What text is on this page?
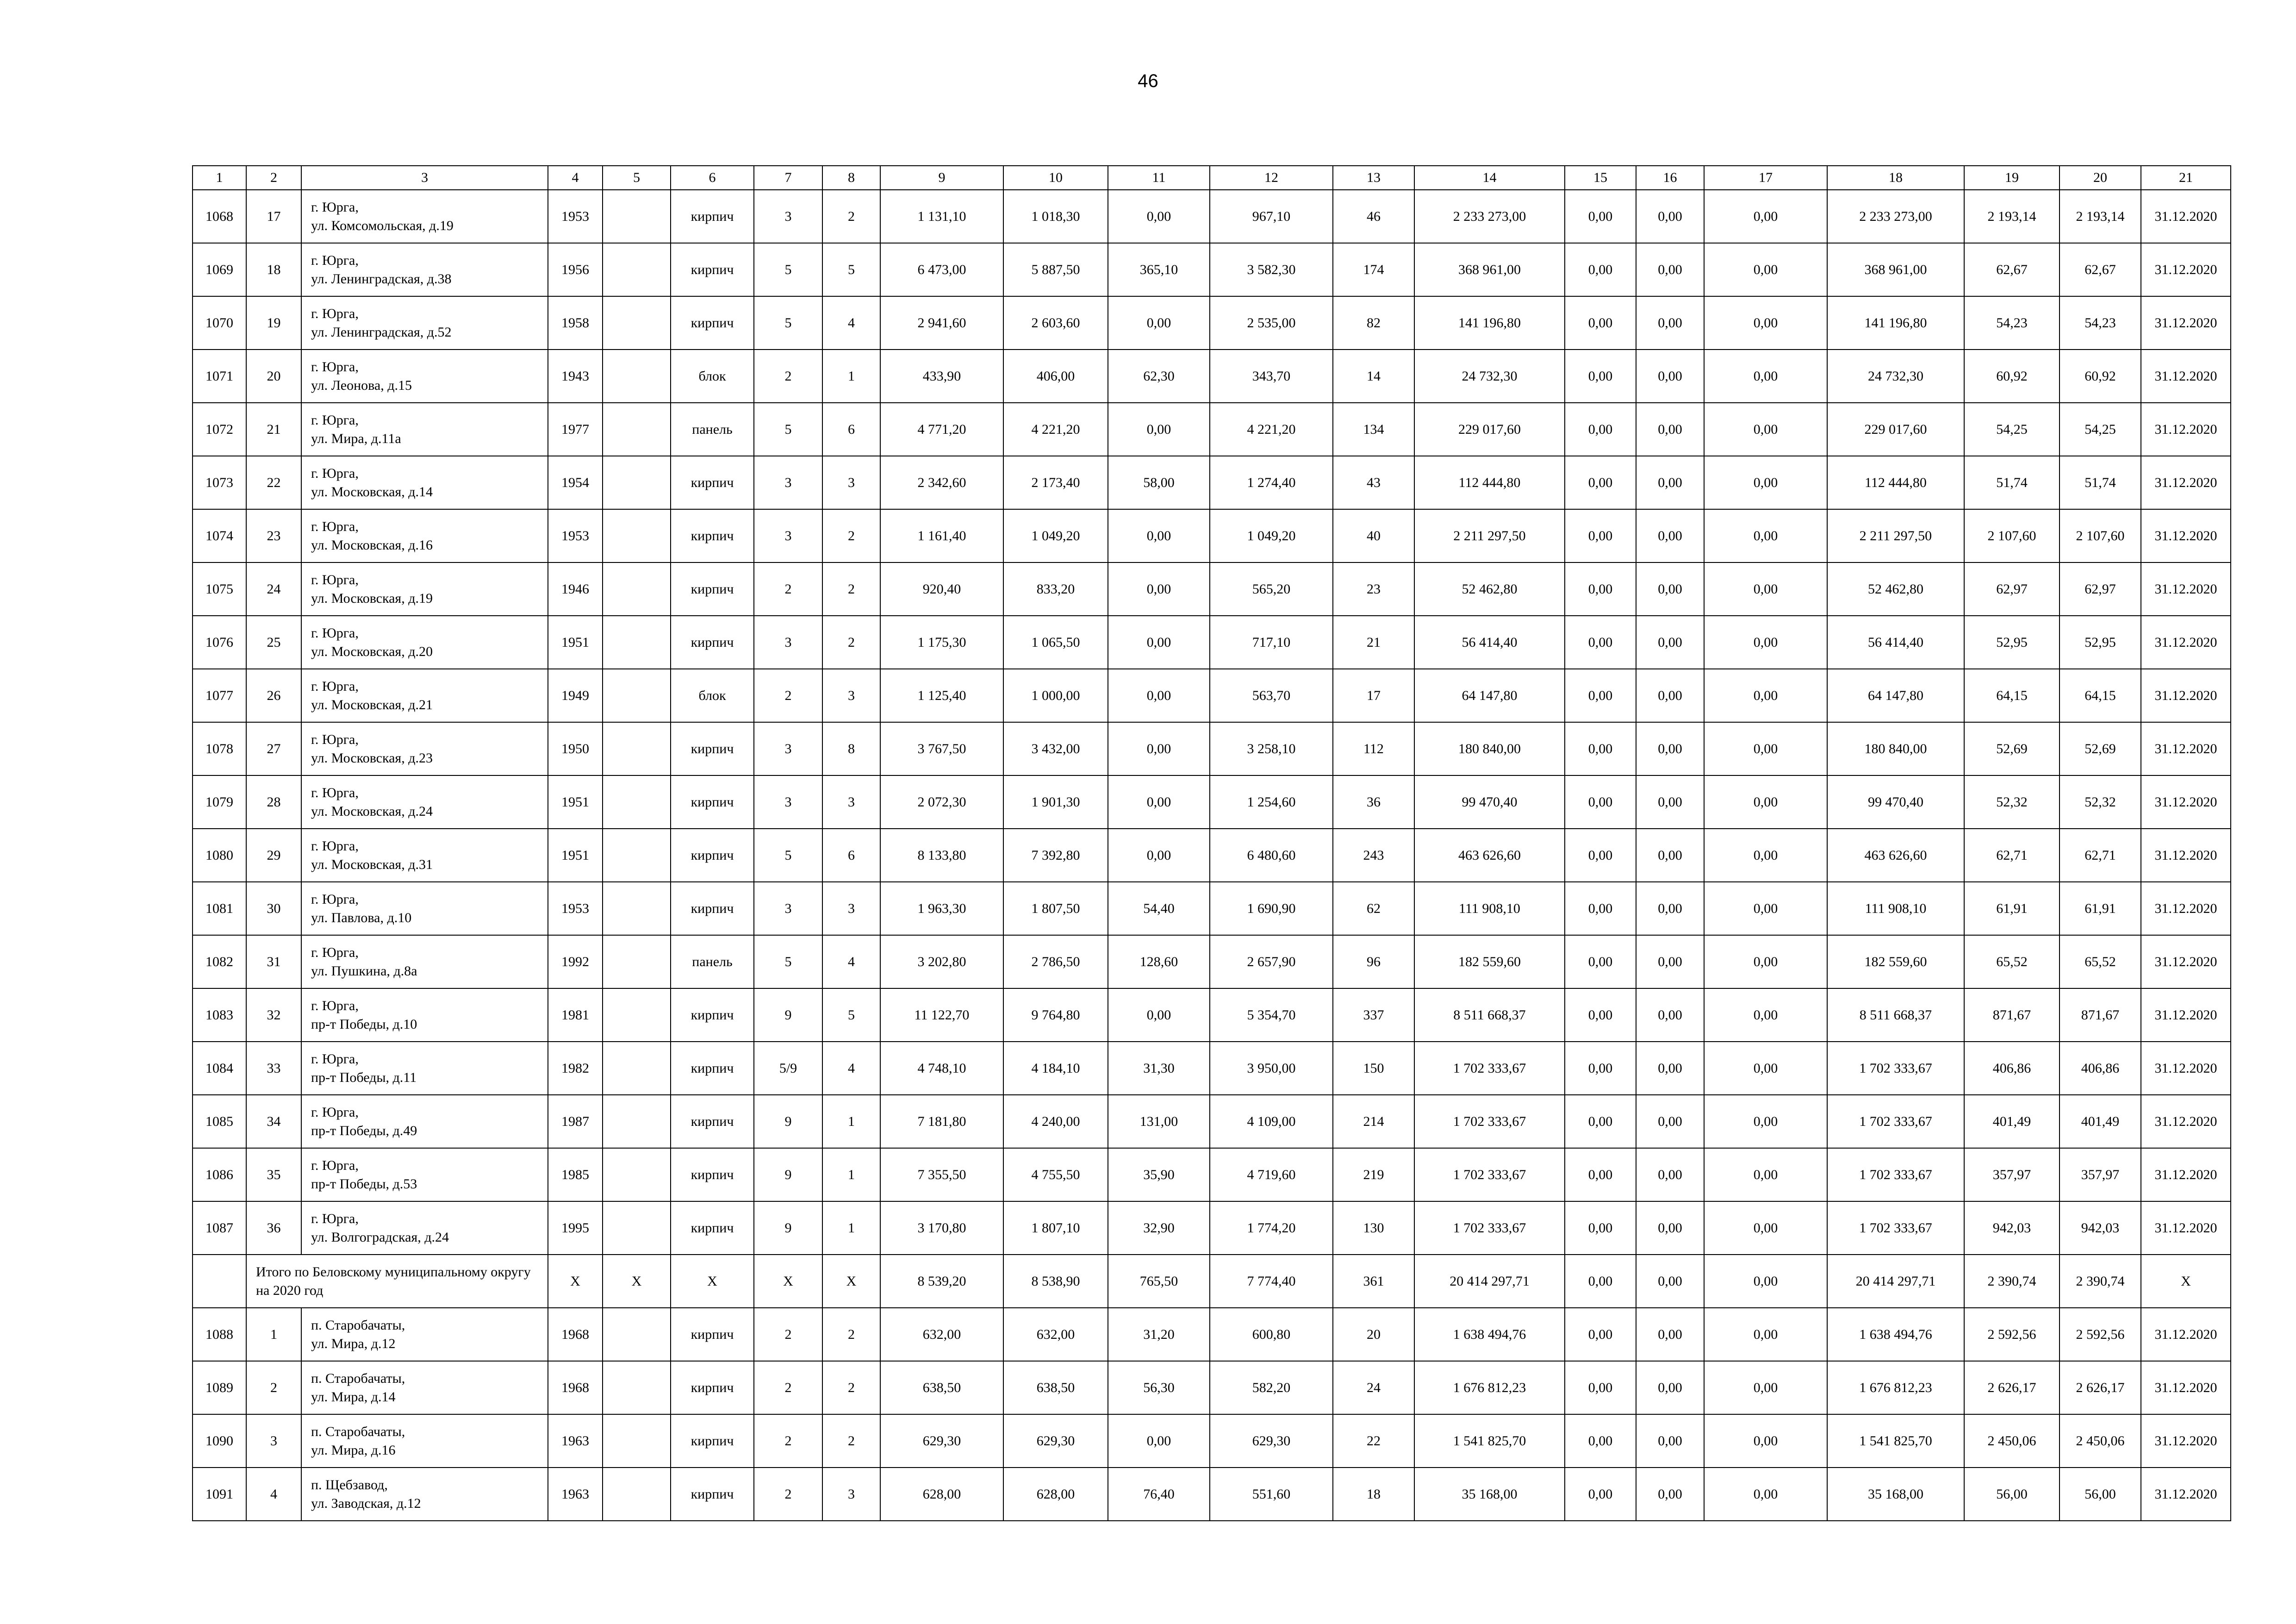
46
1	2	3	4	5	6	7	8	9	10	11	12	13	14	15	16	17	18	19	20	21
1068	17	г. Юрга,
ул. Комсомольская, д.19	1953		кирпич	3	2	1 131,10	1 018,30	0,00	967,10	46	2 233 273,00	0,00	0,00	0,00	2 233 273,00	2 193,14	2 193,14	31.12.2020
1069	18	г. Юрга,
ул. Ленинградская, д.38	1956		кирпич	5	5	6 473,00	5 887,50	365,10	3 582,30	174	368 961,00	0,00	0,00	0,00	368 961,00	62,67	62,67	31.12.2020
1070	19	г. Юрга,
ул. Ленинградская, д.52	1958		кирпич	5	4	2 941,60	2 603,60	0,00	2 535,00	82	141 196,80	0,00	0,00	0,00	141 196,80	54,23	54,23	31.12.2020
1071	20	г. Юрга,
ул. Леонова, д.15	1943		блок	2	1	433,90	406,00	62,30	343,70	14	24 732,30	0,00	0,00	0,00	24 732,30	60,92	60,92	31.12.2020
1072	21	г. Юрга,
ул. Мира, д.11а	1977		панель	5	6	4 771,20	4 221,20	0,00	4 221,20	134	229 017,60	0,00	0,00	0,00	229 017,60	54,25	54,25	31.12.2020
1073	22	г. Юрга,
ул. Московская, д.14	1954		кирпич	3	3	2 342,60	2 173,40	58,00	1 274,40	43	112 444,80	0,00	0,00	0,00	112 444,80	51,74	51,74	31.12.2020
1074	23	г. Юрга,
ул. Московская, д.16	1953		кирпич	3	2	1 161,40	1 049,20	0,00	1 049,20	40	2 211 297,50	0,00	0,00	0,00	2 211 297,50	2 107,60	2 107,60	31.12.2020
1075	24	г. Юрга,
ул. Московская, д.19	1946		кирпич	2	2	920,40	833,20	0,00	565,20	23	52 462,80	0,00	0,00	0,00	52 462,80	62,97	62,97	31.12.2020
1076	25	г. Юрга,
ул. Московская, д.20	1951		кирпич	3	2	1 175,30	1 065,50	0,00	717,10	21	56 414,40	0,00	0,00	0,00	56 414,40	52,95	52,95	31.12.2020
1077	26	г. Юрга,
ул. Московская, д.21	1949		блок	2	3	1 125,40	1 000,00	0,00	563,70	17	64 147,80	0,00	0,00	0,00	64 147,80	64,15	64,15	31.12.2020
1078	27	г. Юрга,
ул. Московская, д.23	1950		кирпич	3	8	3 767,50	3 432,00	0,00	3 258,10	112	180 840,00	0,00	0,00	0,00	180 840,00	52,69	52,69	31.12.2020
1079	28	г. Юрга,
ул. Московская, д.24	1951		кирпич	3	3	2 072,30	1 901,30	0,00	1 254,60	36	99 470,40	0,00	0,00	0,00	99 470,40	52,32	52,32	31.12.2020
1080	29	г. Юрга,
ул. Московская, д.31	1951		кирпич	5	6	8 133,80	7 392,80	0,00	6 480,60	243	463 626,60	0,00	0,00	0,00	463 626,60	62,71	62,71	31.12.2020
1081	30	г. Юрга,
ул. Павлова, д.10	1953		кирпич	3	3	1 963,30	1 807,50	54,40	1 690,90	62	111 908,10	0,00	0,00	0,00	111 908,10	61,91	61,91	31.12.2020
1082	31	г. Юрга,
ул. Пушкина, д.8а	1992		панель	5	4	3 202,80	2 786,50	128,60	2 657,90	96	182 559,60	0,00	0,00	0,00	182 559,60	65,52	65,52	31.12.2020
1083	32	г. Юрга,
пр-т Победы, д.10	1981		кирпич	9	5	11 122,70	9 764,80	0,00	5 354,70	337	8 511 668,37	0,00	0,00	0,00	8 511 668,37	871,67	871,67	31.12.2020
1084	33	г. Юрга,
пр-т Победы, д.11	1982		кирпич	5/9	4	4 748,10	4 184,10	31,30	3 950,00	150	1 702 333,67	0,00	0,00	0,00	1 702 333,67	406,86	406,86	31.12.2020
1085	34	г. Юрга,
пр-т Победы, д.49	1987		кирпич	9	1	7 181,80	4 240,00	131,00	4 109,00	214	1 702 333,67	0,00	0,00	0,00	1 702 333,67	401,49	401,49	31.12.2020
1086	35	г. Юрга,
пр-т Победы, д.53	1985		кирпич	9	1	7 355,50	4 755,50	35,90	4 719,60	219	1 702 333,67	0,00	0,00	0,00	1 702 333,67	357,97	357,97	31.12.2020
1087	36	г. Юрга,
ул. Волгоградская, д.24	1995		кирпич	9	1	3 170,80	1 807,10	32,90	1 774,20	130	1 702 333,67	0,00	0,00	0,00	1 702 333,67	942,03	942,03	31.12.2020
	Итого по Беловскому муниципальному округу на 2020 год		Х	Х	Х	Х	Х	8 539,20	8 538,90	765,50	7 774,40	361	20 414 297,71	0,00	0,00	0,00	20 414 297,71	2 390,74	2 390,74	Х
1088	1	п. Старобачаты,
ул. Мира, д.12	1968		кирпич	2	2	632,00	632,00	31,20	600,80	20	1 638 494,76	0,00	0,00	0,00	1 638 494,76	2 592,56	2 592,56	31.12.2020
1089	2	п. Старобачаты,
ул. Мира, д.14	1968		кирпич	2	2	638,50	638,50	56,30	582,20	24	1 676 812,23	0,00	0,00	0,00	1 676 812,23	2 626,17	2 626,17	31.12.2020
1090	3	п. Старобачаты,
ул. Мира, д.16	1963		кирпич	2	2	629,30	629,30	0,00	629,30	22	1 541 825,70	0,00	0,00	0,00	1 541 825,70	2 450,06	2 450,06	31.12.2020
1091	4	п. Щебзавод,
ул. Заводская, д.12	1963		кирпич	2	3	628,00	628,00	76,40	551,60	18	35 168,00	0,00	0,00	0,00	35 168,00	56,00	56,00	31.12.2020
